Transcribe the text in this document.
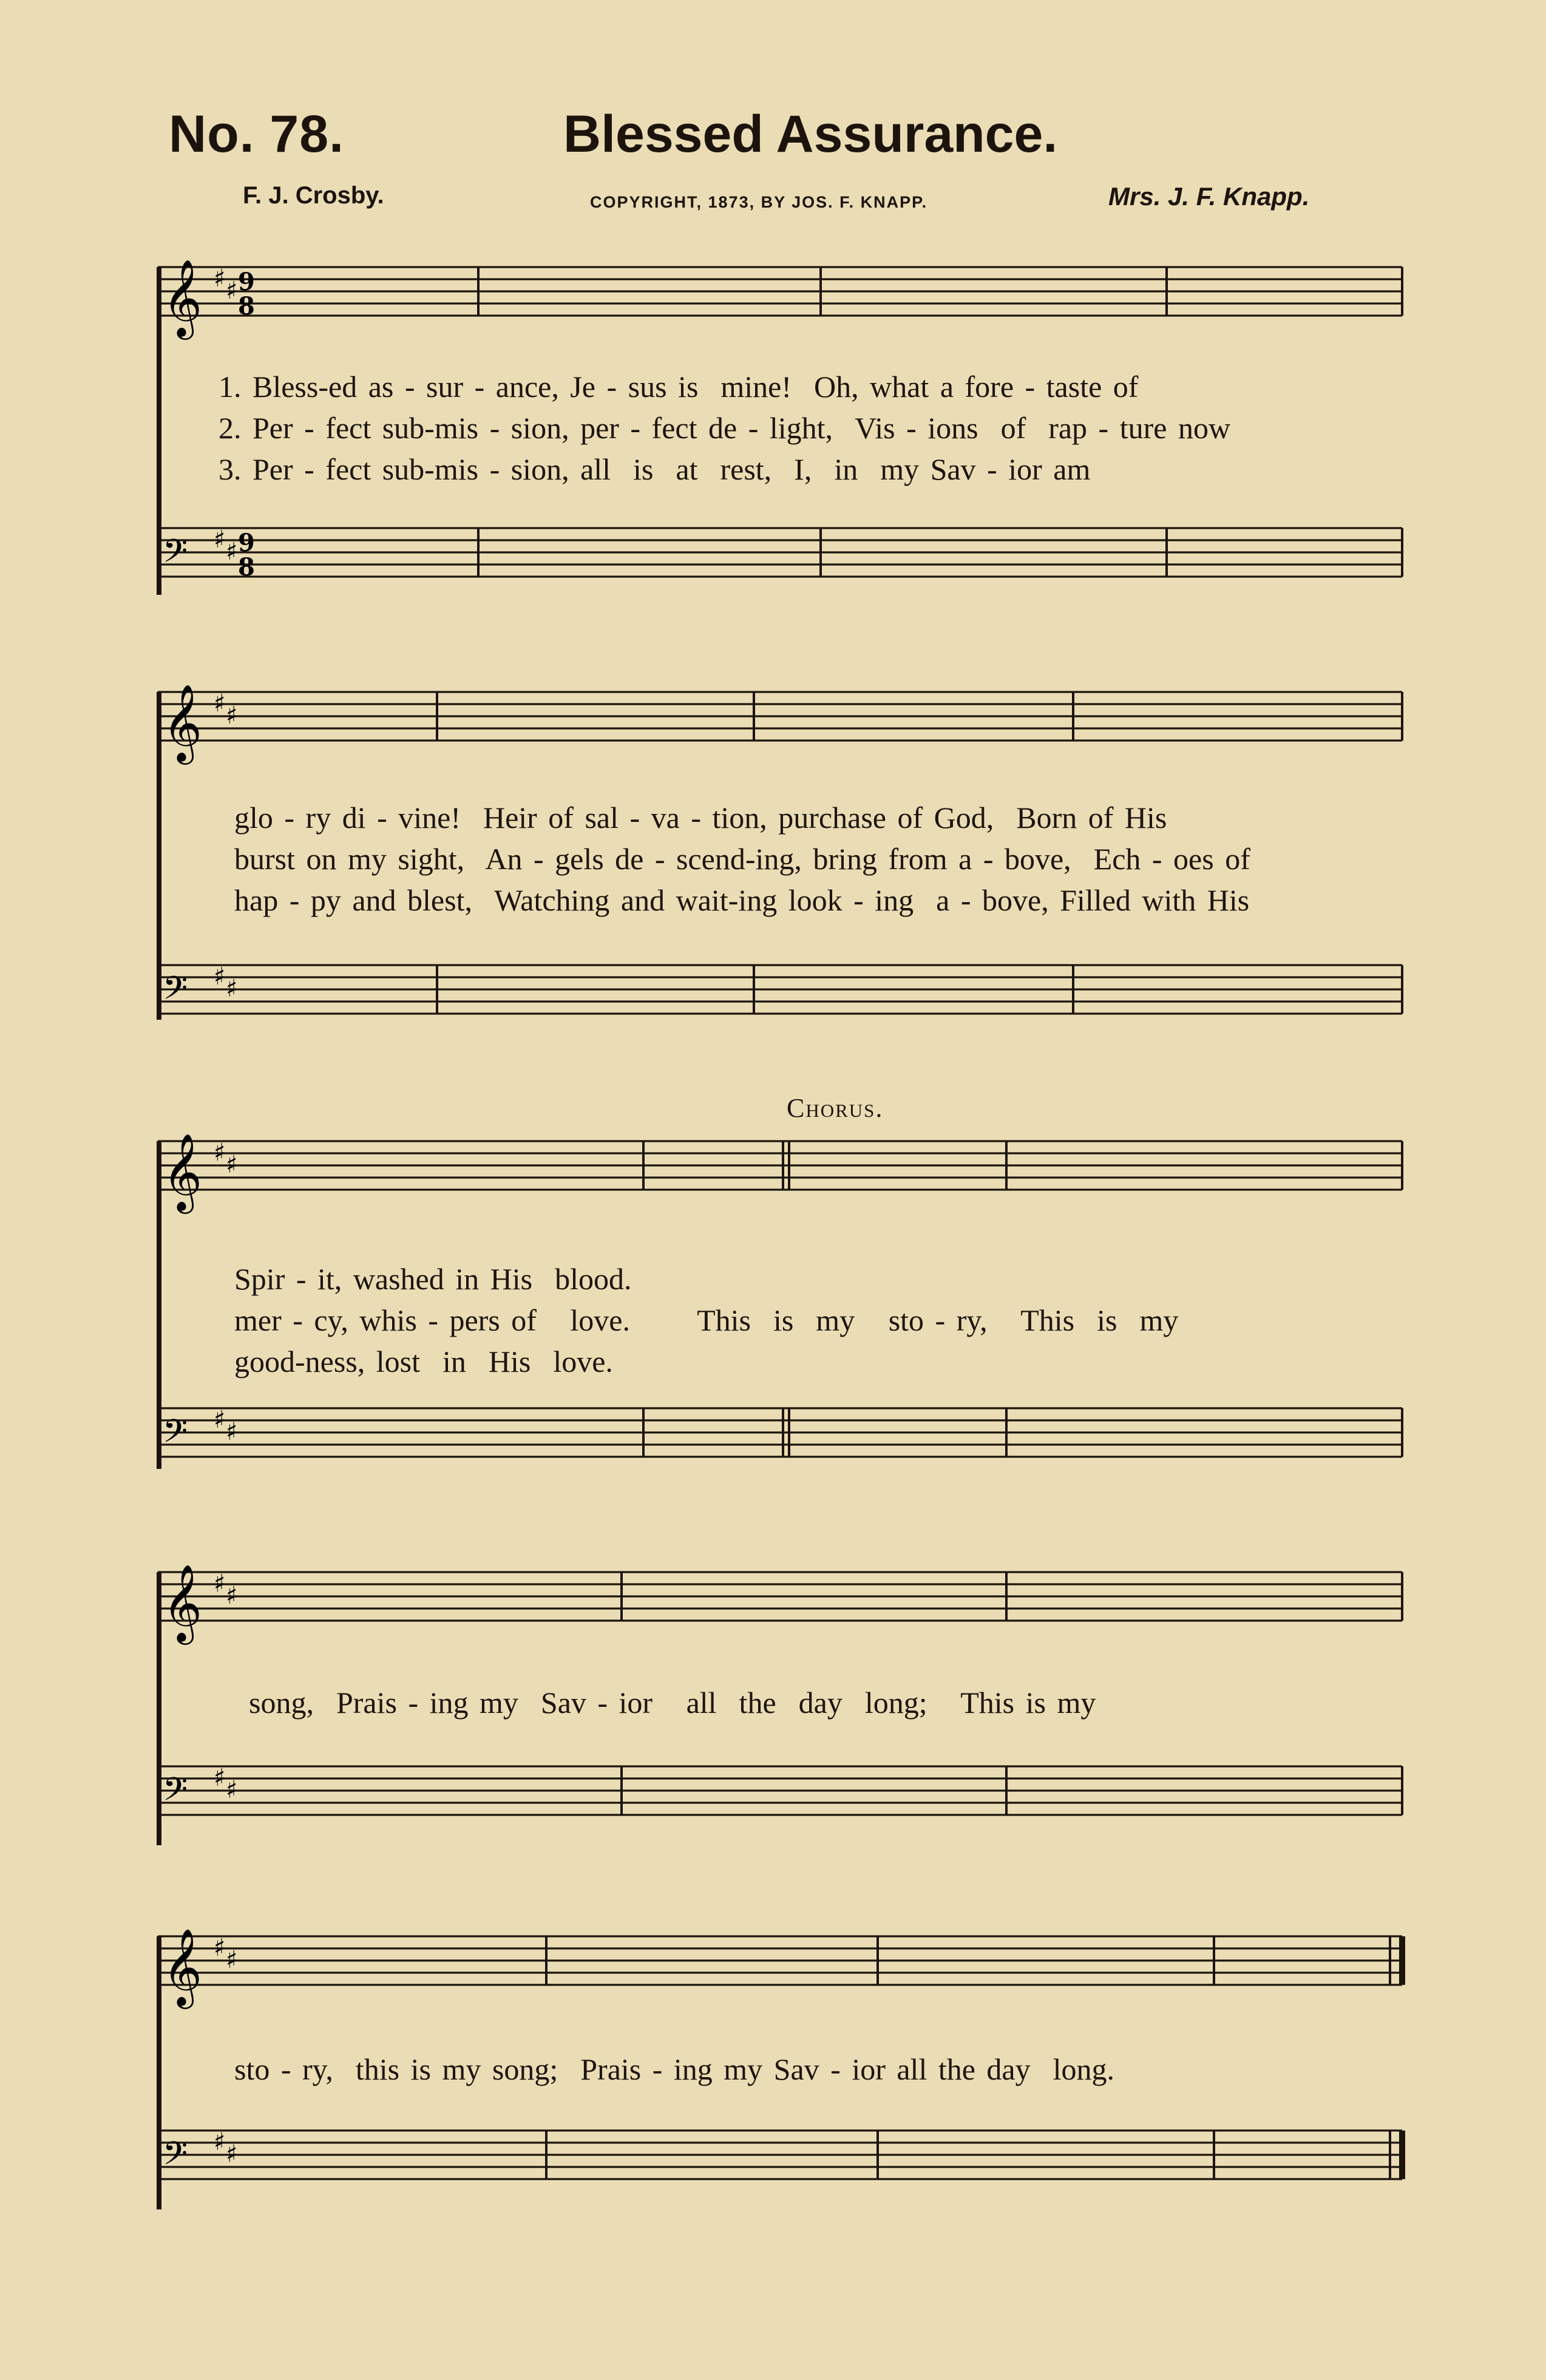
No. 78.	Blessed Assurance.
F. J. Crosby.	COPYRIGHT, 1873, BY JOS. F. KNAPP.	Mrs. J. F. Knapp.
𝄞 ♯ ♯ 9
8
𝄢 ♯ ♯ 9
8
1. Bless-ed as - sur - ance, Je - sus is  mine!  Oh, what a fore - taste of
2. Per - fect sub-mis - sion, per - fect de - light,  Vis - ions  of  rap - ture now
3. Per - fect sub-mis - sion, all  is  at  rest,  I,  in  my Sav - ior am
𝄞 ♯ ♯
𝄢 ♯ ♯
glo - ry di - vine!  Heir of sal - va - tion, purchase of God,  Born of His
burst on my sight,  An - gels de - scend-ing, bring from a - bove,  Ech - oes of
hap - py and blest,  Watching and wait-ing look - ing  a - bove, Filled with His
Chorus.
𝄞 ♯ ♯
𝄢 ♯ ♯
Spir - it, washed in His  blood.
mer - cy, whis - pers of   love.      This  is  my   sto - ry,   This  is  my
good-ness, lost  in  His  love.
𝄞 ♯ ♯
𝄢 ♯ ♯
song,  Prais - ing my  Sav - ior   all  the  day  long;   This is my
𝄞 ♯ ♯
𝄢 ♯ ♯
sto - ry,  this is my song;  Prais - ing my Sav - ior all the day  long.
